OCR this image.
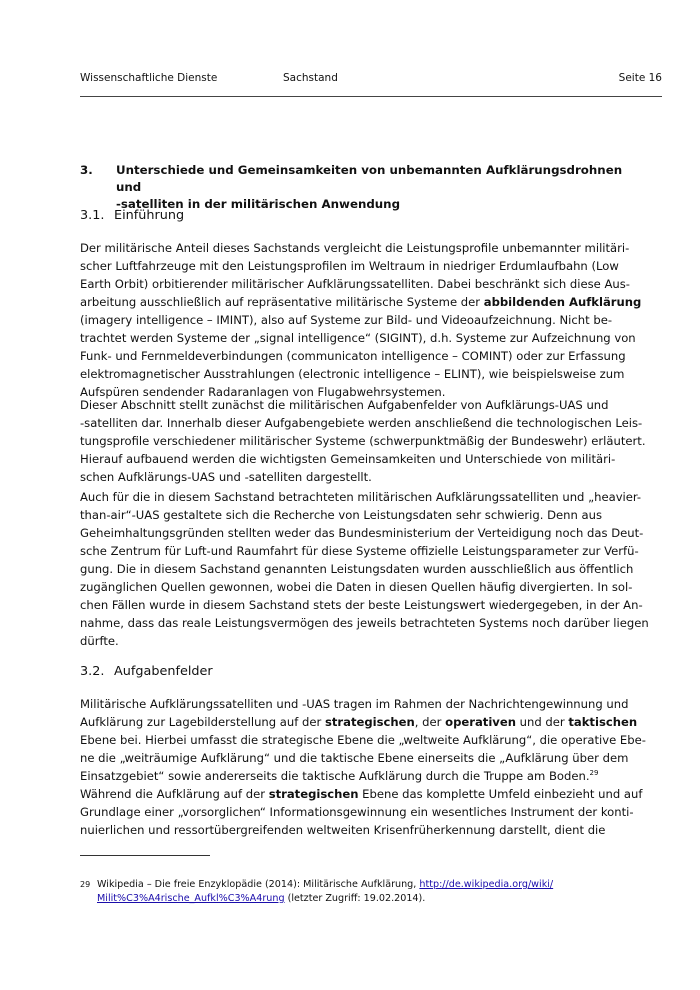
Wissenschaftliche Dienste	Sachstand	Seite 16
3. Unterschiede und Gemeinsamkeiten von unbemannten Aufklärungsdrohnen und
-satelliten in der militärischen Anwendung
3.1. Einführung

Der militärische Anteil dieses Sachstands vergleicht die Leistungsprofile unbemannter militäri-
scher Luftfahrzeuge mit den Leistungsprofilen im Weltraum in niedriger Erdumlaufbahn (Low
Earth Orbit) orbitierender militärischer Aufklärungssatelliten. Dabei beschränkt sich diese Aus-
arbeitung ausschließlich auf repräsentative militärische Systeme der abbildenden Aufklärung
(imagery intelligence – IMINT), also auf Systeme zur Bild- und Videoaufzeichnung. Nicht be-
trachtet werden Systeme der „signal intelligence“ (SIGINT), d.h. Systeme zur Aufzeichnung von
Funk- und Fernmeldeverbindungen (communicaton intelligence – COMINT) oder zur Erfassung
elektromagnetischer Ausstrahlungen (electronic intelligence – ELINT), wie beispielsweise zum
Aufspüren sendender Radaranlagen von Flugabwehrsystemen.

Dieser Abschnitt stellt zunächst die militärischen Aufgabenfelder von Aufklärungs-UAS und
-satelliten dar. Innerhalb dieser Aufgabengebiete werden anschließend die technologischen Leis-
tungsprofile verschiedener militärischer Systeme (schwerpunktmäßig der Bundeswehr) erläutert.
Hierauf aufbauend werden die wichtigsten Gemeinsamkeiten und Unterschiede von militäri-
schen Aufklärungs-UAS und -satelliten dargestellt.

Auch für die in diesem Sachstand betrachteten militärischen Aufklärungssatelliten und „heavier-
than-air“-UAS gestaltete sich die Recherche von Leistungsdaten sehr schwierig. Denn aus
Geheimhaltungsgründen stellten weder das Bundesministerium der Verteidigung noch das Deut-
sche Zentrum für Luft-und Raumfahrt für diese Systeme offizielle Leistungsparameter zur Verfü-
gung. Die in diesem Sachstand genannten Leistungsdaten wurden ausschließlich aus öffentlich
zugänglichen Quellen gewonnen, wobei die Daten in diesen Quellen häufig divergierten. In sol-
chen Fällen wurde in diesem Sachstand stets der beste Leistungswert wiedergegeben, in der An-
nahme, dass das reale Leistungsvermögen des jeweils betrachteten Systems noch darüber liegen
dürfte.

3.2. Aufgabenfelder

Militärische Aufklärungssatelliten und -UAS tragen im Rahmen der Nachrichtengewinnung und
Aufklärung zur Lagebilderstellung auf der strategischen, der operativen und der taktischen
Ebene bei. Hierbei umfasst die strategische Ebene die „weltweite Aufklärung“, die operative Ebe-
ne die „weiträumige Aufklärung“ und die taktische Ebene einerseits die „Aufklärung über dem
Einsatzgebiet“ sowie andererseits die taktische Aufklärung durch die Truppe am Boden.$^{29}$
Während die Aufklärung auf der strategischen Ebene das komplette Umfeld einbezieht und auf
Grundlage einer „vorsorglichen“ Informationsgewinnung ein wesentliches Instrument der konti-
nuierlichen und ressortübergreifenden weltweiten Krisenfrüherkennung darstellt, dient die

29 Wikipedia – Die freie Enzyklopädie (2014): Militärische Aufklärung, http://de.wikipedia.org/wiki/
Milit%C3%A4rische_Aufkl%C3%A4rung (letzter Zugriff: 19.02.2014).
